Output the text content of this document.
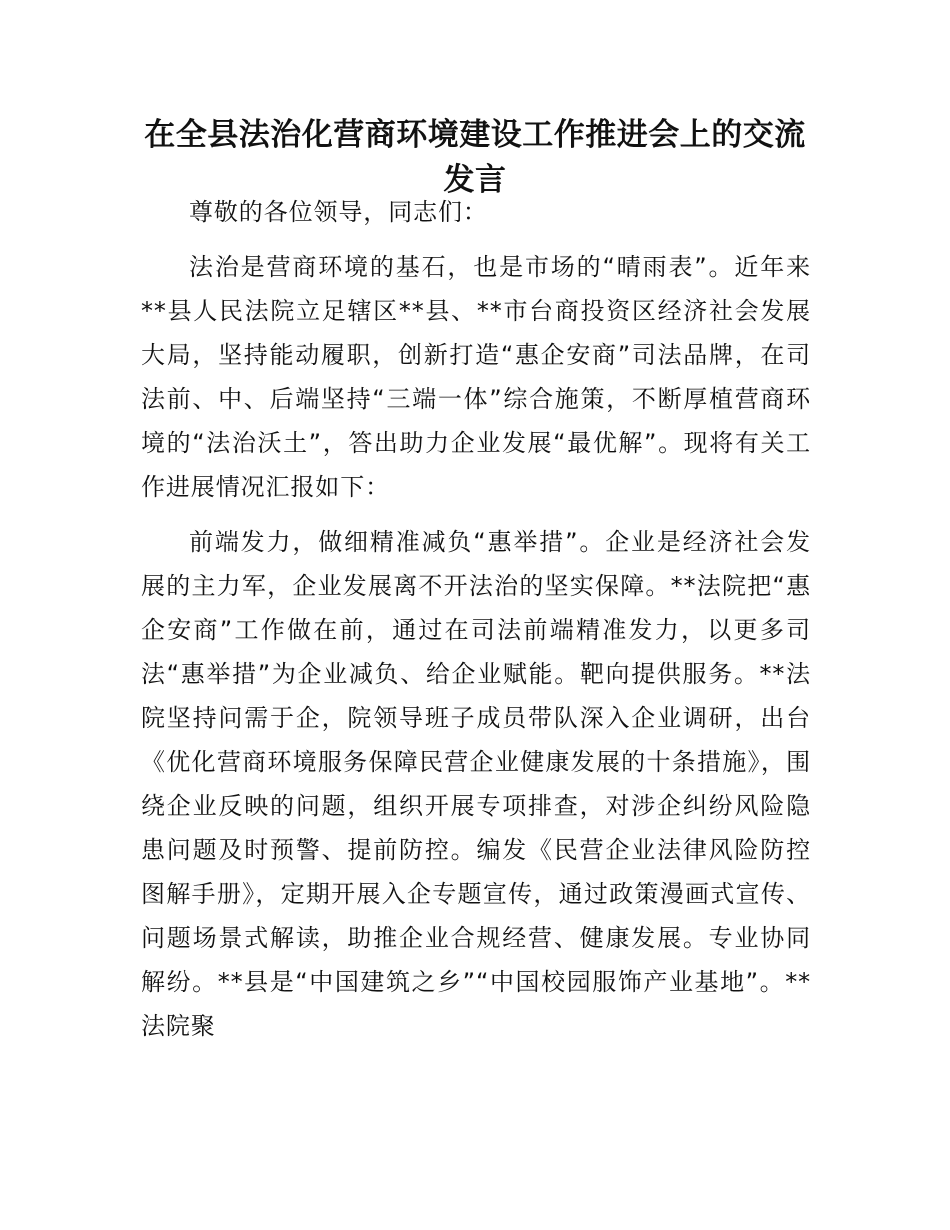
在全县法治化营商环境建设工作推进会上的交流发言

尊敬的各位领导，同志们：

法治是营商环境的基石，也是市场的“晴雨表”。近年来**县人民法院立足辖区**县、**市台商投资区经济社会发展大局，坚持能动履职，创新打造“惠企安商”司法品牌，在司法前、中、后端坚持“三端一体”综合施策，不断厚植营商环境的“法治沃土”，答出助力企业发展“最优解”。现将有关工作进展情况汇报如下：

前端发力，做细精准减负“惠举措”。企业是经济社会发展的主力军，企业发展离不开法治的坚实保障。**法院把“惠企安商”工作做在前，通过在司法前端精准发力，以更多司法“惠举措”为企业减负、给企业赋能。靶向提供服务。**法院坚持问需于企，院领导班子成员带队深入企业调研，出台《优化营商环境服务保障民营企业健康发展的十条措施》，围绕企业反映的问题，组织开展专项排查，对涉企纠纷风险隐患问题及时预警、提前防控。编发《民营企业法律风险防控图解手册》，定期开展入企专题宣传，通过政策漫画式宣传、问题场景式解读，助推企业合规经营、健康发展。专业协同解纷。**县是“中国建筑之乡”“中国校园服饰产业基地”。**法院聚
